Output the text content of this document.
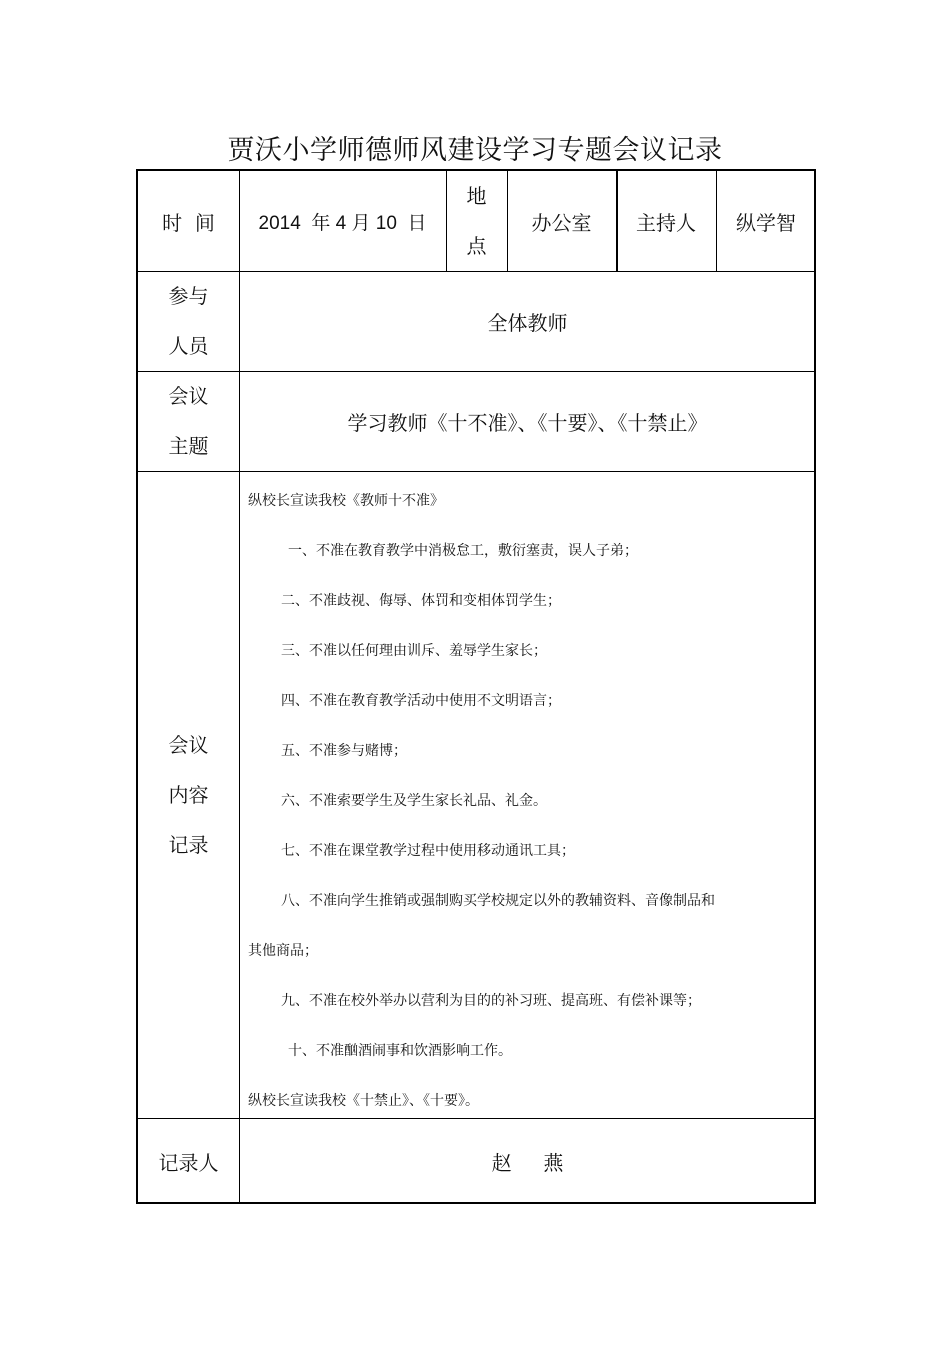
贾沃小学师德师风建设学习专题会议记录
时  间 2014  年 4 月 10  日
地
点
办公室 主持人 纵学智
参与
人员
全体教师
会议
主题
学习教师《十不准》、《十要》、《十禁止》
会议
内容
记录
纵校长宣读我校《教师十不准》
一、不准在教育教学中消极怠工，敷衍塞责，误人子弟；
二、不准歧视、侮辱、体罚和变相体罚学生；
三、不准以任何理由训斥、羞辱学生家长；
四、不准在教育教学活动中使用不文明语言；
五、不准参与赌博；
六、不准索要学生及学生家长礼品、礼金。
七、不准在课堂教学过程中使用移动通讯工具；
八、不准向学生推销或强制购买学校规定以外的教辅资料、音像制品和
其他商品；
九、不准在校外举办以营利为目的的补习班、提高班、有偿补课等；
十、不准酗酒闹事和饮酒影响工作。
纵校长宣读我校《十禁止》、《十要》。
记录人	赵     燕
